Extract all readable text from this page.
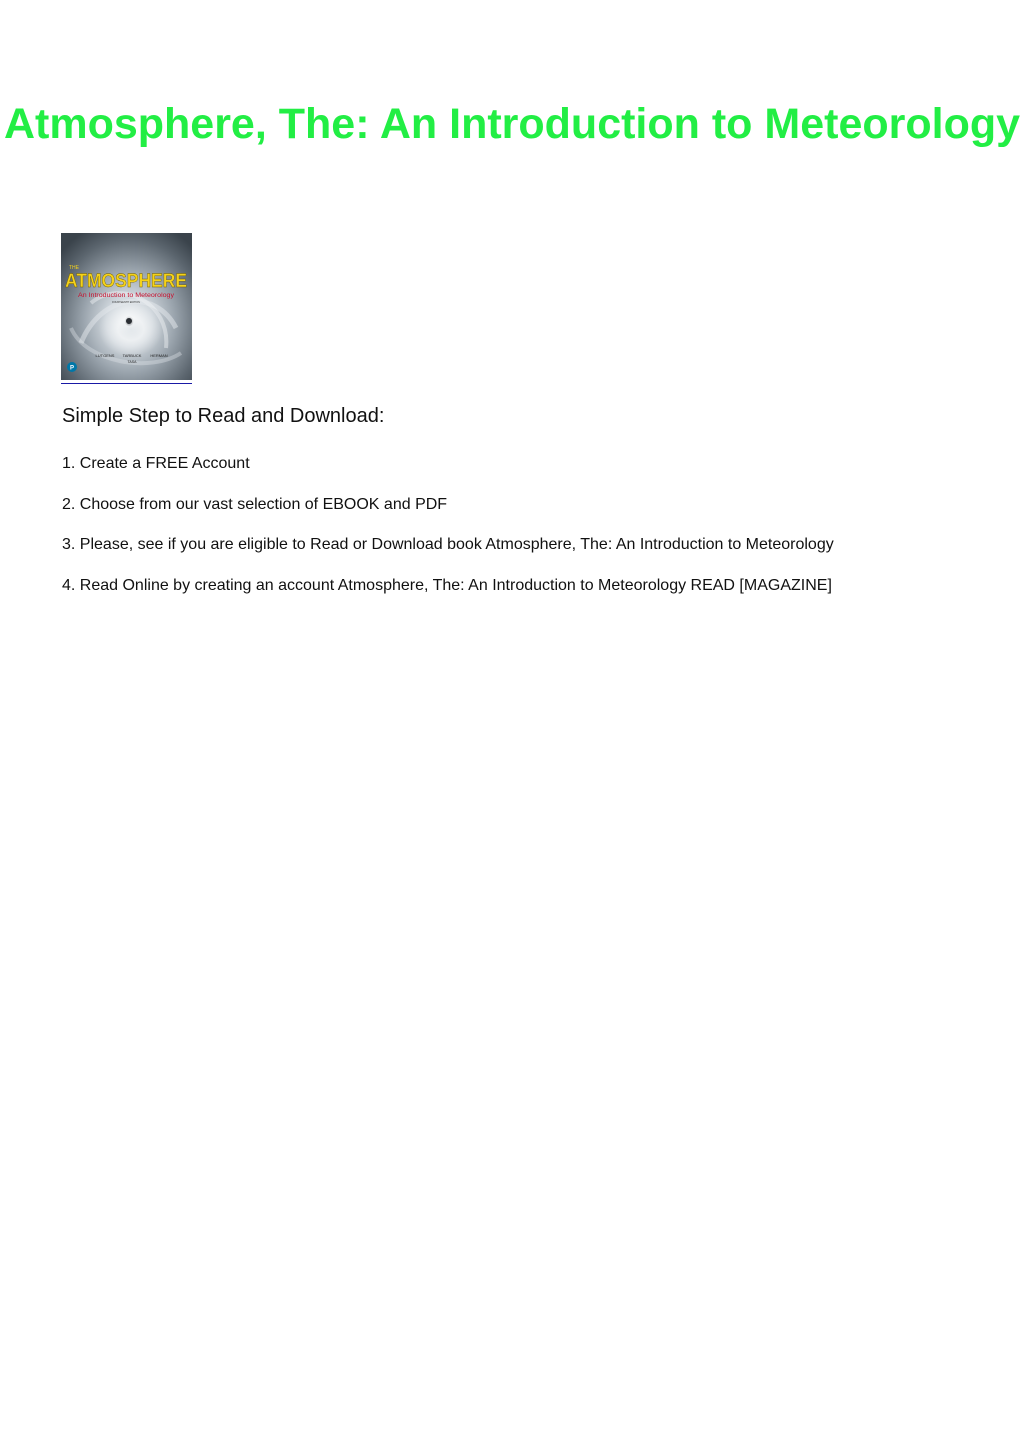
Atmosphere, The: An Introduction to Meteorology
THE
ATMOSPHERE
An Introduction to Meteorology
FOURTEENTH EDITION
LUTGENS TARBUCK HERMAN
TASA
P
Simple Step to Read and Download:
1. Create a FREE Account
2. Choose from our vast selection of EBOOK and PDF
3. Please, see if you are eligible to Read or Download book Atmosphere, The: An Introduction to Meteorology
4. Read Online by creating an account Atmosphere, The: An Introduction to Meteorology READ [MAGAZINE]
